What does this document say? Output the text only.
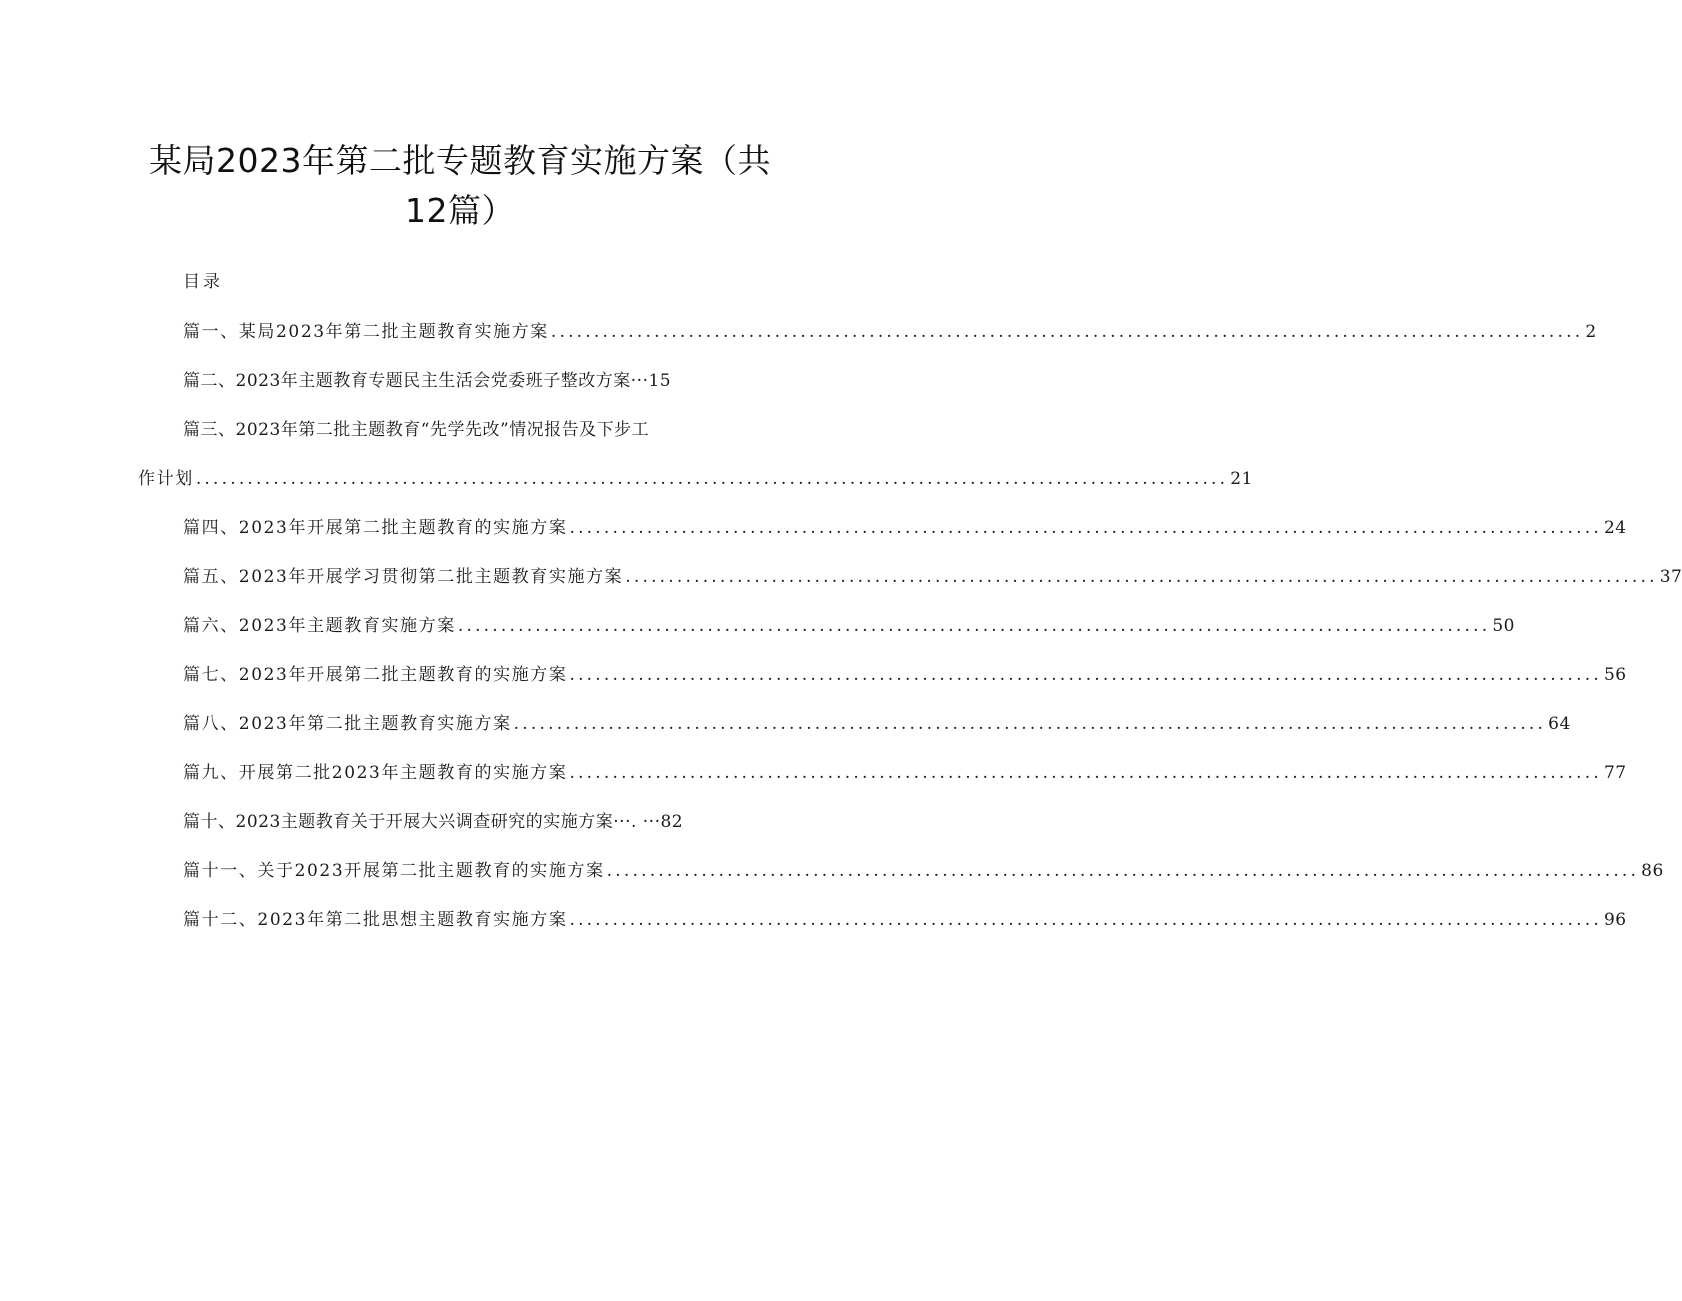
某局2023年第二批专题教育实施方案（共
12篇）
目录
篇一、某局2023年第二批主题教育实施方案 .....	2
篇二、2023年主题教育专题民主生活会党委班子整改方案···15
篇三、2023年第二批主题教育“先学先改”情况报告及下步工
作计划 .....	21
篇四、2023年开展第二批主题教育的实施方案 .....	24
篇五、2023年开展学习贯彻第二批主题教育实施方案 .....	37
篇六、2023年主题教育实施方案 .....	50
篇七、2023年开展第二批主题教育的实施方案 .....	56
篇八、2023年第二批主题教育实施方案 .....	64
篇九、开展第二批2023年主题教育的实施方案 .....	77
篇十、2023主题教育关于开展大兴调查研究的实施方案···. ···82
篇十一、关于2023开展第二批主题教育的实施方案 .....	86
篇十二、2023年第二批思想主题教育实施方案 .....	96
